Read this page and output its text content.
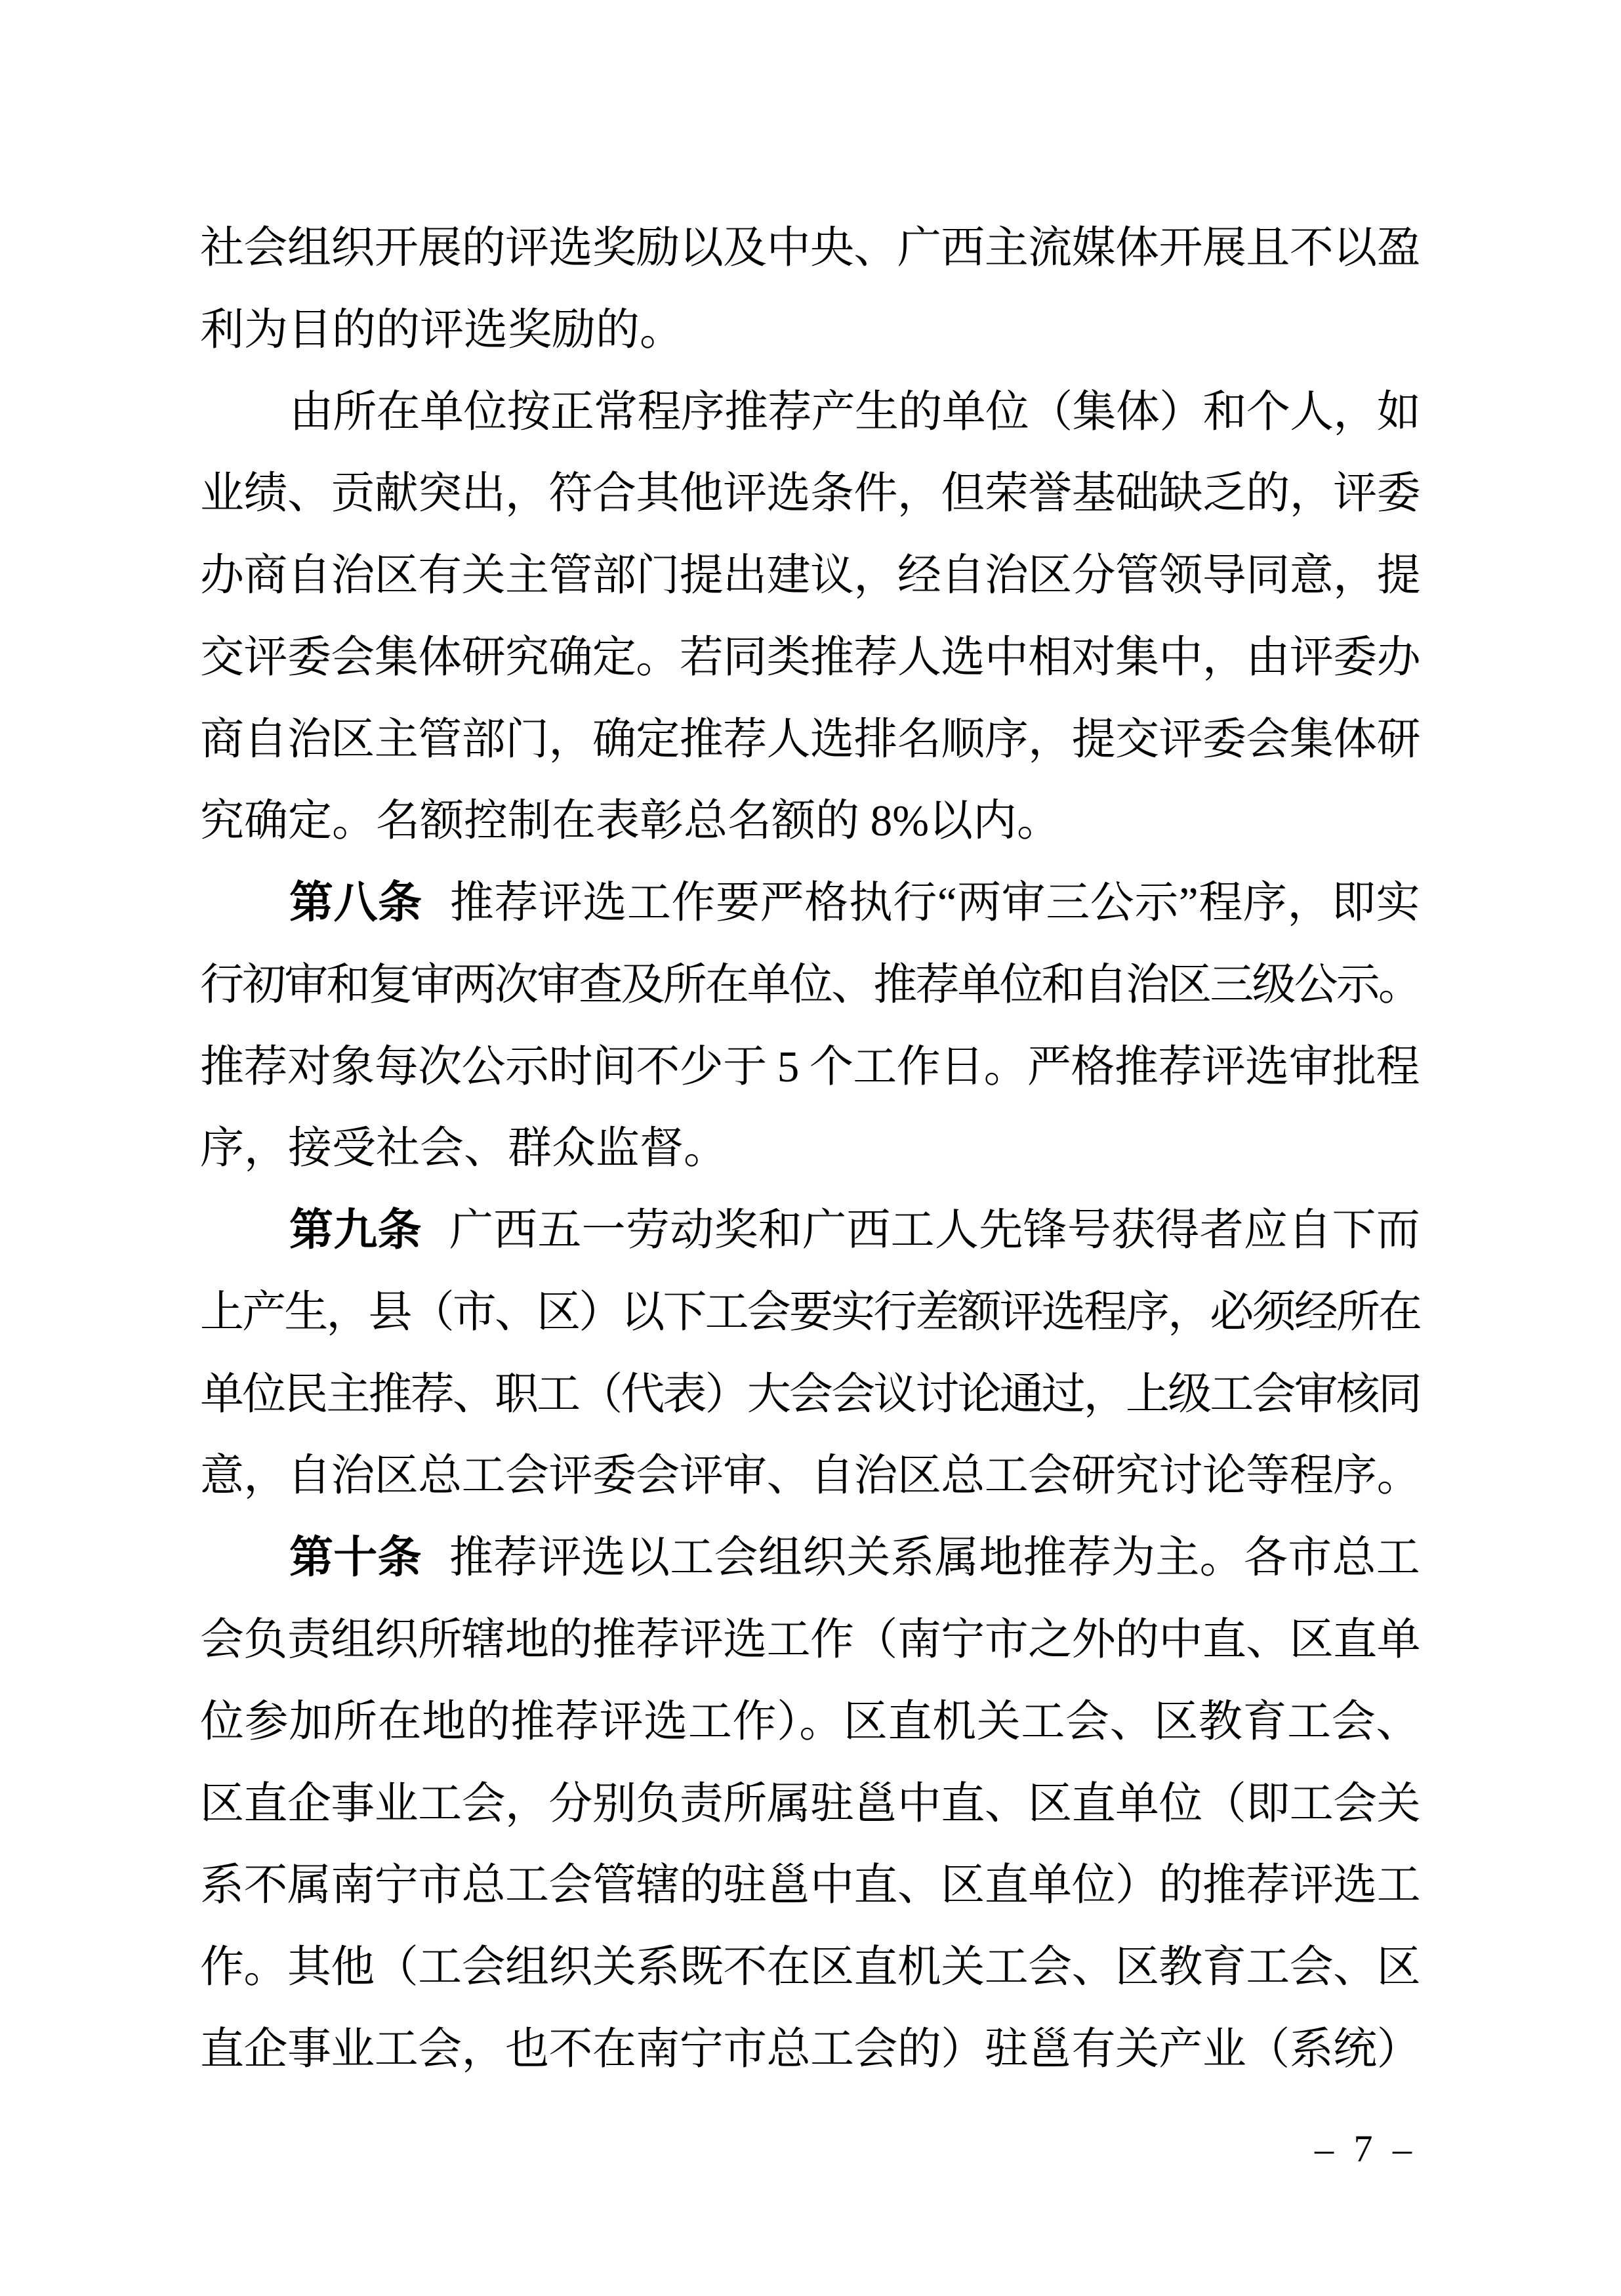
社会组织开展的评选奖励以及中央、广西主流媒体开展且不以盈
利为目的的评选奖励的。
由所在单位按正常程序推荐产生的单位（集体）和个人，如
业绩、贡献突出，符合其他评选条件，但荣誉基础缺乏的，评委
办商自治区有关主管部门提出建议，经自治区分管领导同意，提
交评委会集体研究确定。若同类推荐人选中相对集中，由评委办
商自治区主管部门，确定推荐人选排名顺序，提交评委会集体研
究确定。名额控制在表彰总名额的 8%以内。
第八条 推荐评选工作要严格执行“两审三公示”程序，即实
行初审和复审两次审查及所在单位、推荐单位和自治区三级公示。
推荐对象每次公示时间不少于 5 个工作日。严格推荐评选审批程
序，接受社会、群众监督。
第九条 广西五一劳动奖和广西工人先锋号获得者应自下而
上产生，县（市、区）以下工会要实行差额评选程序，必须经所在
单位民主推荐、职工（代表）大会会议讨论通过，上级工会审核同
意，自治区总工会评委会评审、自治区总工会研究讨论等程序。
第十条 推荐评选以工会组织关系属地推荐为主。各市总工
会负责组织所辖地的推荐评选工作（南宁市之外的中直、区直单
位参加所在地的推荐评选工作）。区直机关工会、区教育工会、
区直企事业工会，分别负责所属驻邕中直、区直单位（即工会关
系不属南宁市总工会管辖的驻邕中直、区直单位）的推荐评选工
作。其他（工会组织关系既不在区直机关工会、区教育工会、区
直企事业工会，也不在南宁市总工会的）驻邕有关产业（系统）
– 7 –
